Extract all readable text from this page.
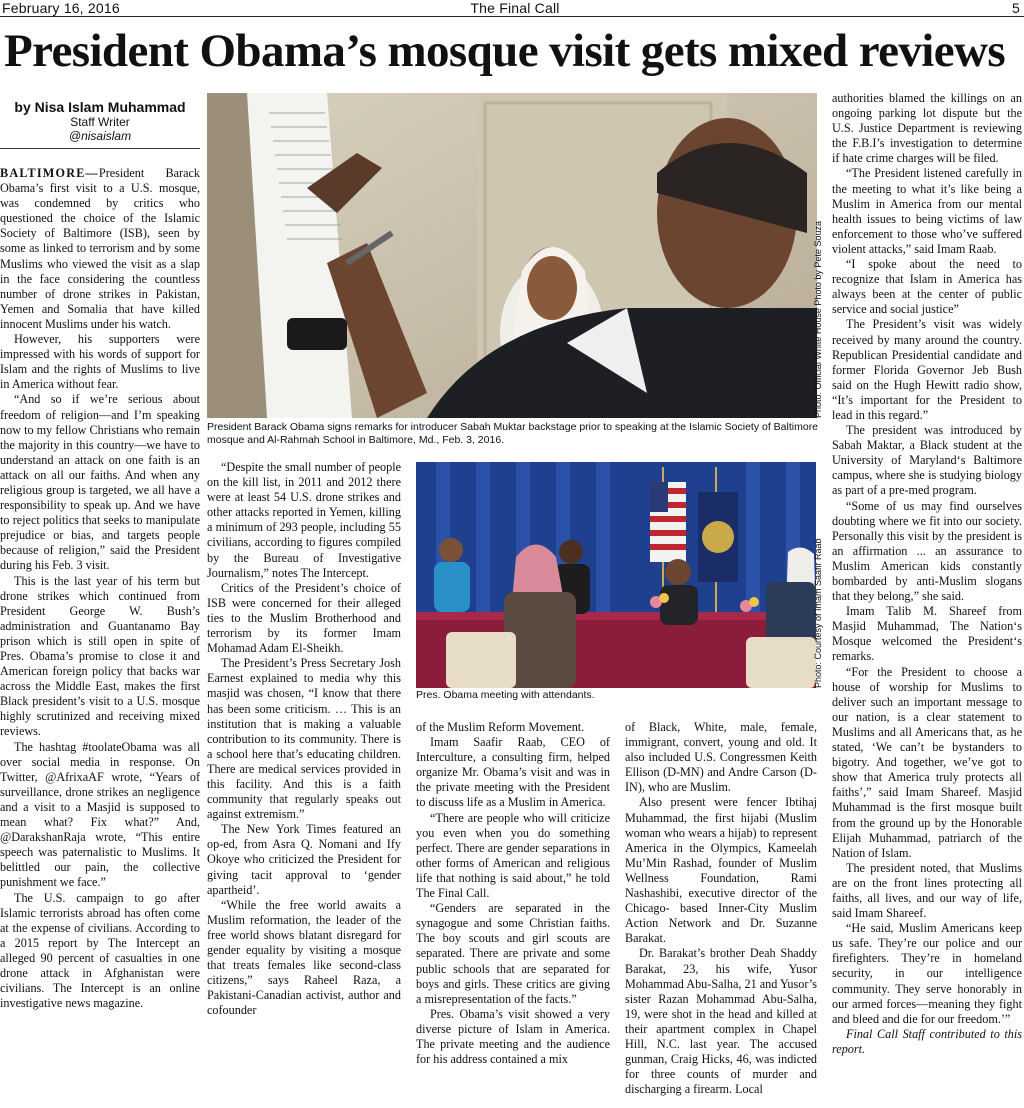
February 16, 2016	The Final Call	5
President Obama’s mosque visit gets mixed reviews
by Nisa Islam Muhammad
Staff Writer
@nisaislam

BALTIMORE—President Barack Obama’s first visit to a U.S. mosque, was condemned by critics who questioned the choice of the Islamic Society of Baltimore (ISB), seen by some as linked to terrorism and by some Muslims who viewed the visit as a slap in the face considering the countless number of drone strikes in Pakistan, Yemen and Somalia that have killed innocent Muslims under his watch.

However, his supporters were impressed with his words of support for Islam and the rights of Muslims to live in America without fear.

“And so if we’re serious about freedom of religion—and I’m speaking now to my fellow Christians who remain the majority in this country—we have to understand an attack on one faith is an attack on all our faiths. And when any religious group is targeted, we all have a responsibility to speak up. And we have to reject politics that seeks to manipulate prejudice or bias, and targets people because of religion,” said the President during his Feb. 3 visit.

This is the last year of his term but drone strikes which continued from President George W. Bush’s administration and Guantanamo Bay prison which is still open in spite of Pres. Obama’s promise to close it and American foreign policy that backs war across the Middle East, makes the first Black president’s visit to a U.S. mosque highly scrutinized and receiving mixed reviews.

The hashtag #toolateObama was all over social media in response. On Twitter, @AfrixaAF wrote, “Years of surveillance, drone strikes an negligence and a visit to a Masjid is supposed to mean what? Fix what?” And, @DarakshanRaja wrote, “This entire speech was paternalistic to Muslims. It belittled our pain, the collective punishment we face.”

The U.S. campaign to go after Islamic terrorists abroad has often come at the expense of civilians. According to a 2015 report by The Intercept an alleged 90 percent of casualties in one drone attack in Afghanistan were civilians. The Intercept is an online investigative news magazine.

Photo: Official White House Photo by Pete Souza
President Barack Obama signs remarks for introducer Sabah Muktar backstage prior to speaking at the Islamic Society of Baltimore mosque and Al-Rahmah School in Baltimore, Md., Feb. 3, 2016.

“Despite the small number of people on the kill list, in 2011 and 2012 there were at least 54 U.S. drone strikes and other attacks reported in Yemen, killing a minimum of 293 people, including 55 civilians, according to figures compiled by the Bureau of Investigative Journalism,” notes The Intercept.

Critics of the President’s choice of ISB were concerned for their alleged ties to the Muslim Brotherhood and terrorism by its former Imam Mohamad Adam El-Sheikh.

The President’s Press Secretary Josh Earnest explained to media why this masjid was chosen, “I know that there has been some criticism. … This is an institution that is making a valuable contribution to its community. There is a school here that’s educating children. There are medical services provided in this facility. And this is a faith community that regularly speaks out against extremism.”

The New York Times featured an op-ed, from Asra Q. Nomani and Ify Okoye who criticized the President for giving tacit approval to ‘gender apartheid’.

“While the free world awaits a Muslim reformation, the leader of the free world shows blatant disregard for gender equality by visiting a mosque that treats females like second-class citizens,” says Raheel Raza, a Pakistani-Canadian activist, author and cofounder

Photo: Courtesy of Imam Saafir Raab
Pres. Obama meeting with attendants.

of the Muslim Reform Movement.

Imam Saafir Raab, CEO of Interculture, a consulting firm, helped organize Mr. Obama’s visit and was in the private meeting with the President to discuss life as a Muslim in America.

“There are people who will criticize you even when you do something perfect. There are gender separations in other forms of American and religious life that nothing is said about,” he told The Final Call.

“Genders are separated in the synagogue and some Christian faiths. The boy scouts and girl scouts are separated. There are private and some public schools that are separated for boys and girls. These critics are giving a misrepresentation of the facts.”

Pres. Obama’s visit showed a very diverse picture of Islam in America. The private meeting and the audience for his address contained a mix

of Black, White, male, female, immigrant, convert, young and old. It also included U.S. Congressmen Keith Ellison (D-MN) and Andre Carson (D-IN), who are Muslim.

Also present were fencer Ibtihaj Muhammad, the first hijabi (Muslim woman who wears a hijab) to represent America in the Olympics, Kameelah Mu’Min Rashad, founder of Muslim Wellness Foundation, Rami Nashashibi, executive director of the Chicago- based Inner-City Muslim Action Network and Dr. Suzanne Barakat.

Dr. Barakat’s brother Deah Shaddy Barakat, 23, his wife, Yusor Mohammad Abu-Salha, 21 and Yusor’s sister Razan Mohammad Abu-Salha, 19, were shot in the head and killed at their apartment complex in Chapel Hill, N.C. last year. The accused gunman, Craig Hicks, 46, was indicted for three counts of murder and discharging a firearm. Local

authorities blamed the killings on an ongoing parking lot dispute but the U.S. Justice Department is reviewing the F.B.I’s investigation to determine if hate crime charges will be filed.

“The President listened carefully in the meeting to what it’s like being a Muslim in America from our mental health issues to being victims of law enforcement to those who’ve suffered violent attacks,” said Imam Raab.

“I spoke about the need to recognize that Islam in America has always been at the center of public service and social justice”

The President’s visit was widely received by many around the country. Republican Presidential candidate and former Florida Governor Jeb Bush said on the Hugh Hewitt radio show, “It’s important for the President to lead in this regard.”

The president was introduced by Sabah Maktar, a Black student at the University of Maryland‘s Baltimore campus, where she is studying biology as part of a pre-med program.

“Some of us may find ourselves doubting where we fit into our society. Personally this visit by the president is an affirmation ... an assurance to Muslim American kids constantly bombarded by anti-Muslim slogans that they belong,” she said.

Imam Talib M. Shareef from Masjid Muhammad, The Nation‘s Mosque welcomed the President‘s remarks.

“For the President to choose a house of worship for Muslims to deliver such an important message to our nation, is a clear statement to Muslims and all Americans that, as he stated, ‘We can’t be bystanders to bigotry. And together, we’ve got to show that America truly protects all faiths’,” said Imam Shareef. Masjid Muhammad is the first mosque built from the ground up by the Honorable Elijah Muhammad, patriarch of the Nation of Islam.

The president noted, that Muslims are on the front lines protecting all faiths, all lives, and our way of life, said Imam Shareef.

“He said, Muslim Americans keep us safe. They’re our police and our firefighters. They’re in homeland security, in our intelligence community. They serve honorably in our armed forces—meaning they fight and bleed and die for our freedom.’”

Final Call Staff contributed to this report.
